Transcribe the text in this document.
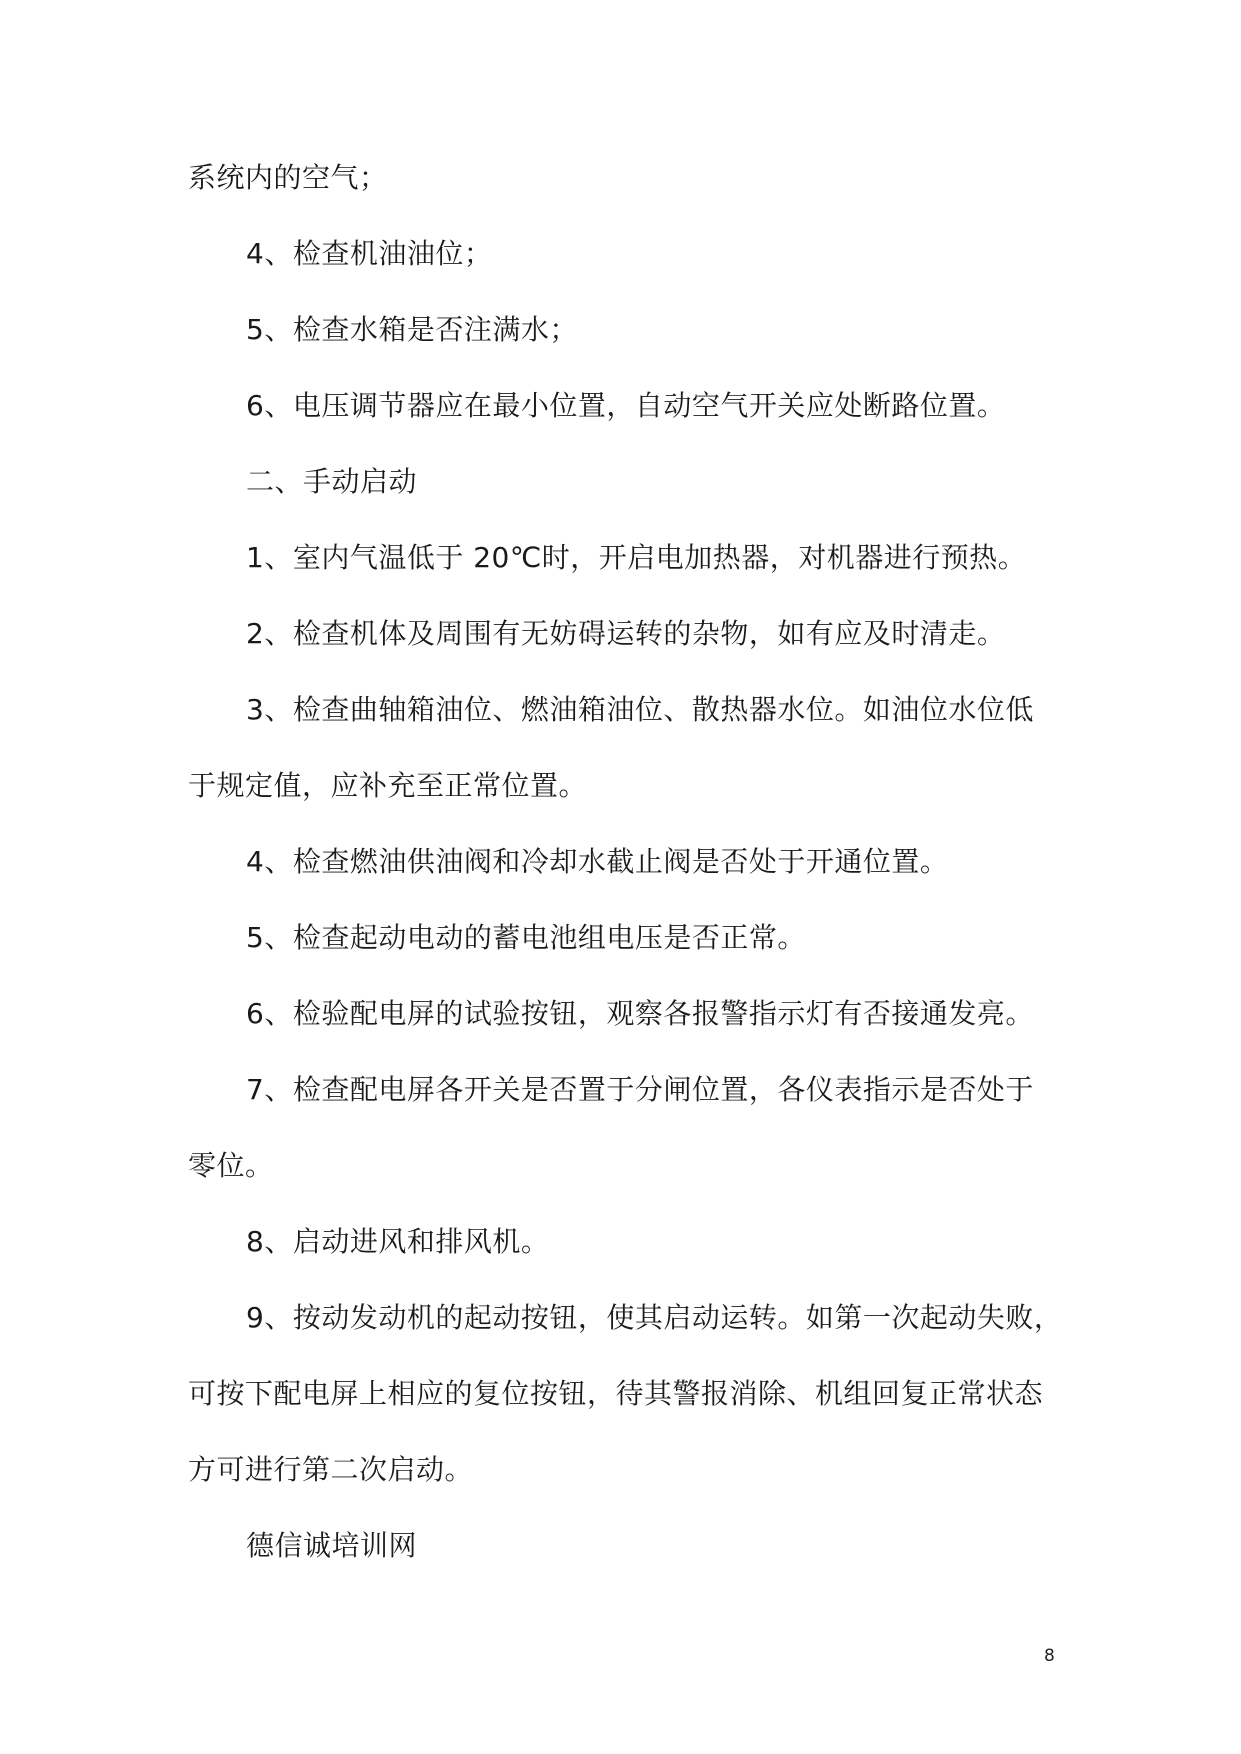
系统内的空气；

4、检查机油油位；

5、检查水箱是否注满水；

6、电压调节器应在最小位置，自动空气开关应处断路位置。

二、手动启动

1、室内气温低于 20℃时，开启电加热器，对机器进行预热。

2、检查机体及周围有无妨碍运转的杂物，如有应及时清走。

3、检查曲轴箱油位、燃油箱油位、散热器水位。如油位水位低

于规定值，应补充至正常位置。

4、检查燃油供油阀和冷却水截止阀是否处于开通位置。

5、检查起动电动的蓄电池组电压是否正常。

6、检验配电屏的试验按钮，观察各报警指示灯有否接通发亮。

7、检查配电屏各开关是否置于分闸位置，各仪表指示是否处于

零位。

8、启动进风和排风机。

9、按动发动机的起动按钮，使其启动运转。如第一次起动失败，

可按下配电屏上相应的复位按钮，待其警报消除、机组回复正常状态

方可进行第二次启动。

德信诚培训网

8
